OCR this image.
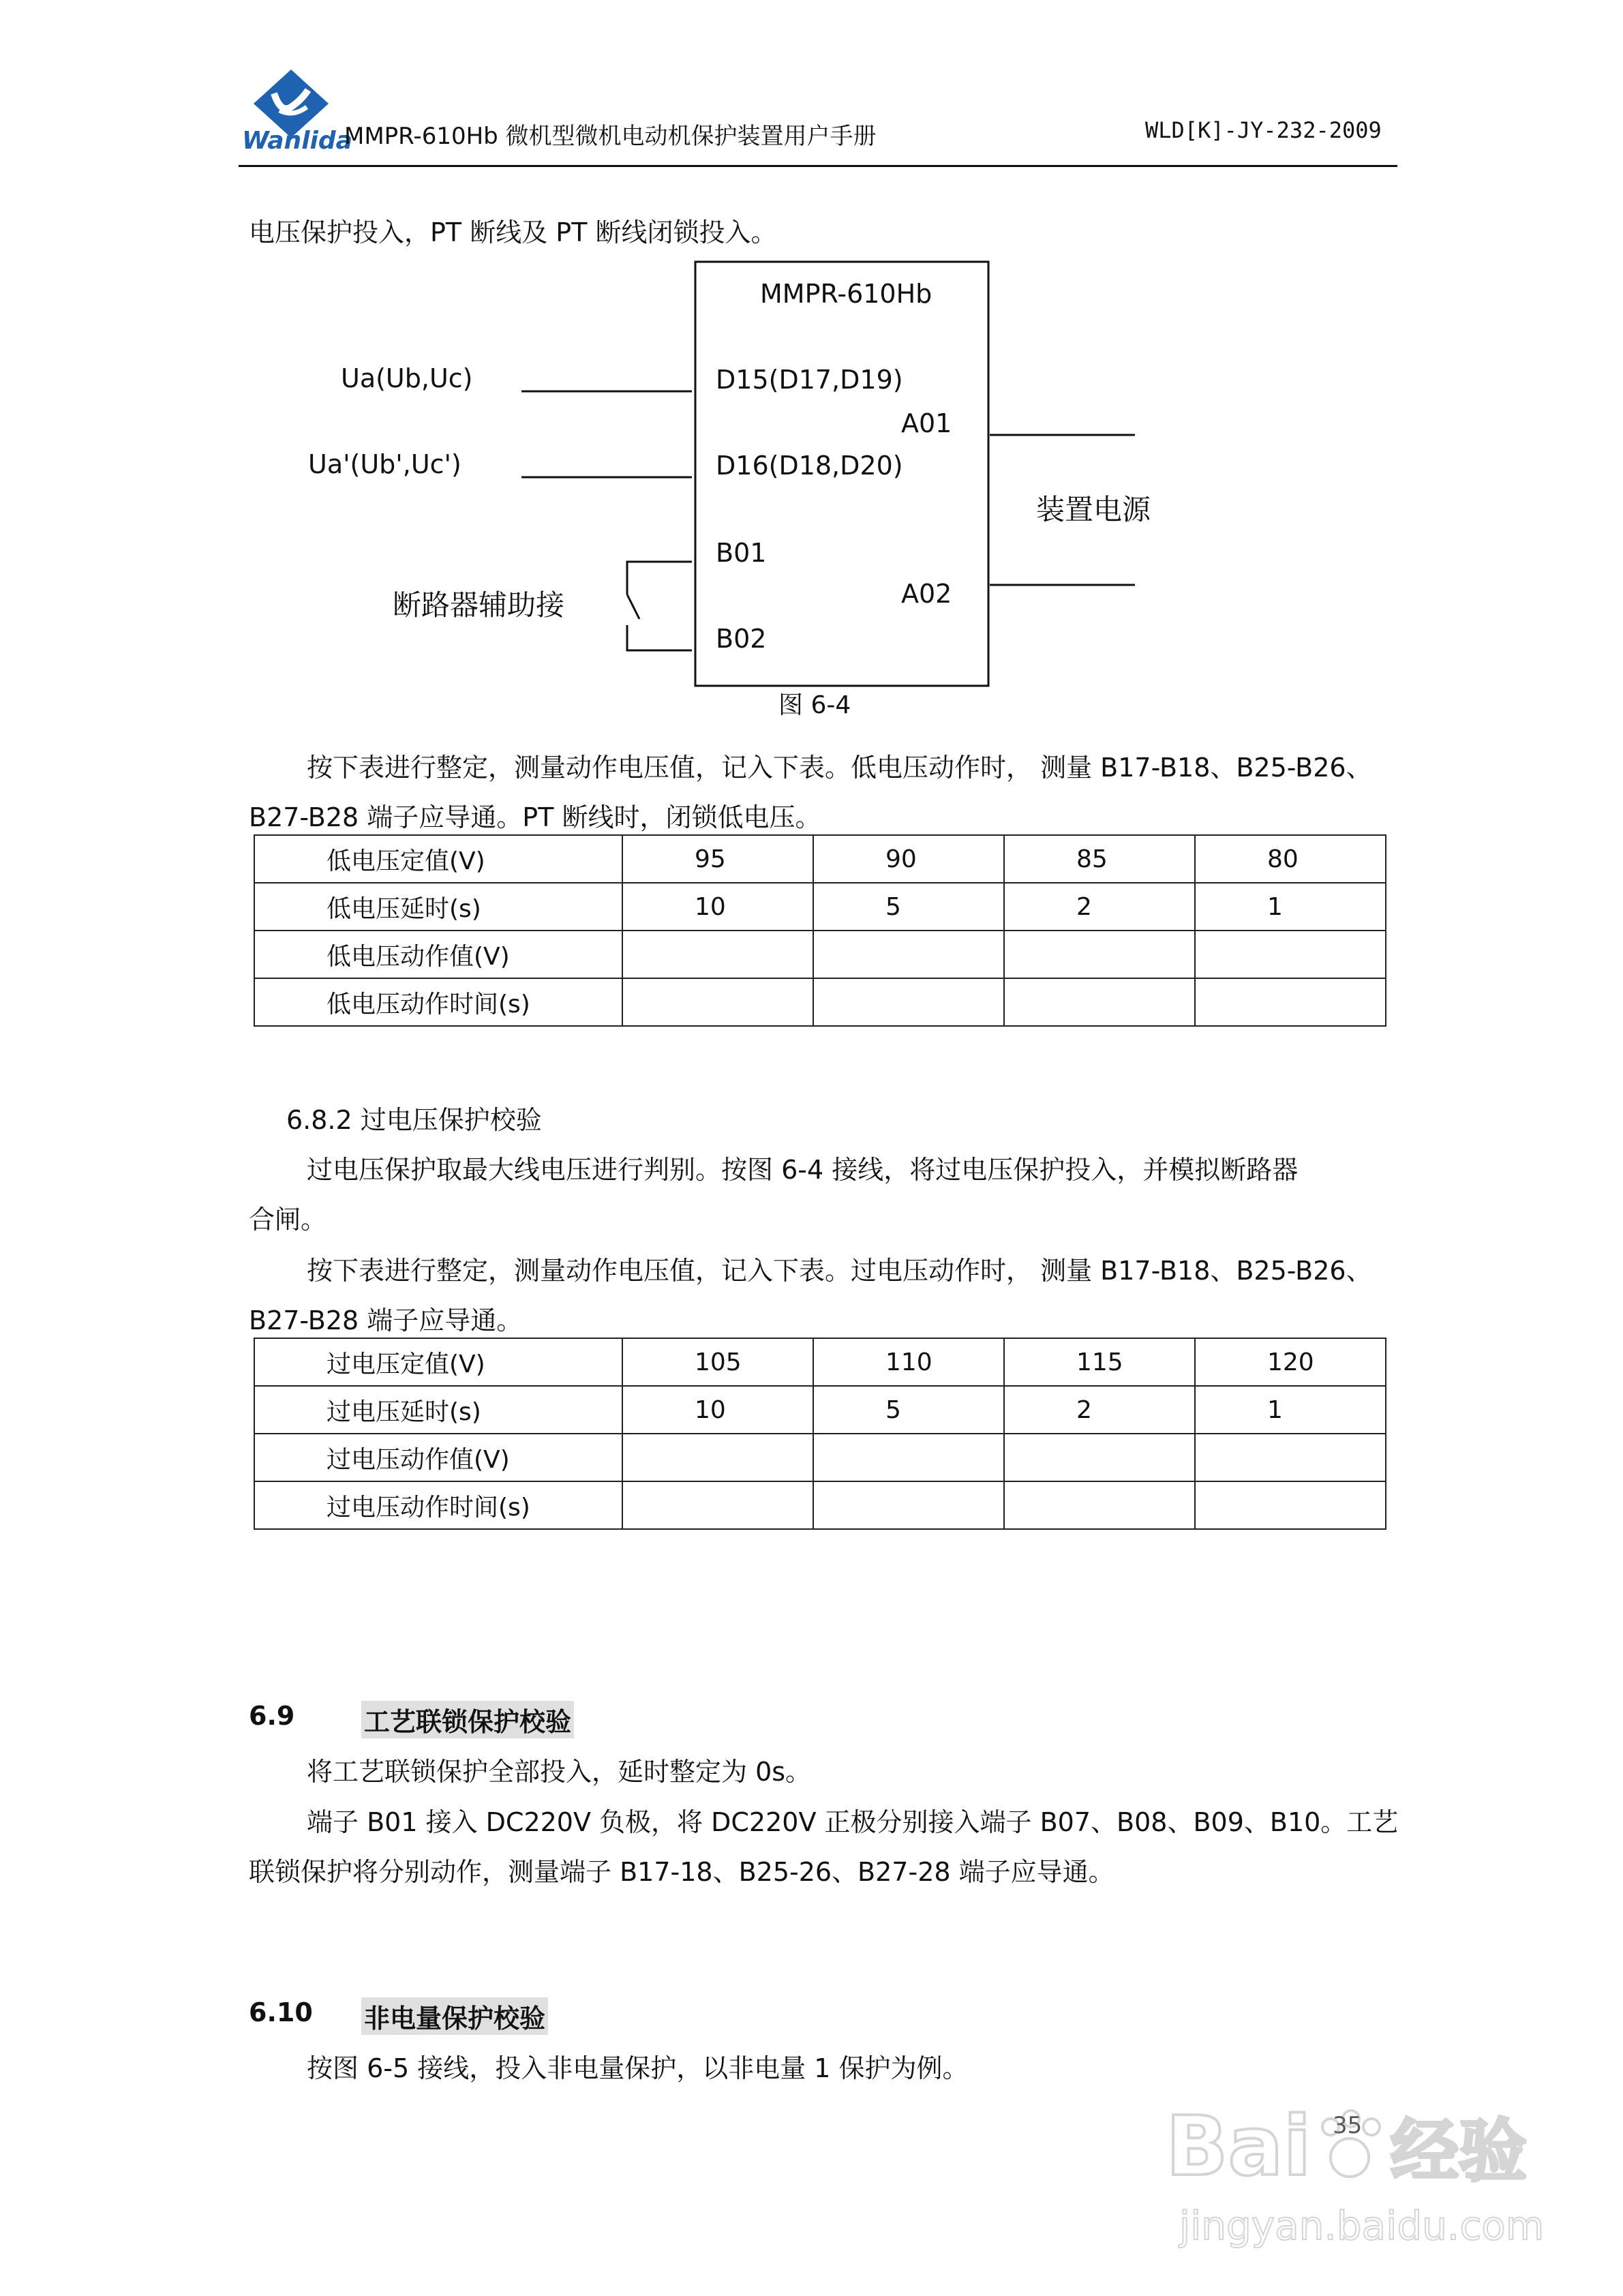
Wanlida
MMPR-610Hb 微机型微机电动机保护装置用户手册	WLD[K]-JY-232-2009
电压保护投入，PT 断线及 PT 断线闭锁投入。
MMPR-610Hb
Ua(Ub,Uc)	D15(D17,D19)
Ua'(Ub',Uc')	D16(D18,D20)
A01
装置电源
A02
B01
B02
断路器辅助接
图 6-4
按下表进行整定，测量动作电压值，记入下表。低电压动作时， 测量 B17-B18、B25-B26、
B27-B28 端子应导通。PT 断线时，闭锁低电压。
低电压定值(V)	95	90	85	80
低电压延时(s)	10	5	2	1
低电压动作值(V)				
低电压动作时间(s)				
6.8.2 过电压保护校验
过电压保护取最大线电压进行判别。按图 6-4 接线，将过电压保护投入，并模拟断路器
合闸。
按下表进行整定，测量动作电压值，记入下表。过电压动作时， 测量 B17-B18、B25-B26、
B27-B28 端子应导通。
过电压定值(V)	105	110	115	120
过电压延时(s)	10	5	2	1
过电压动作值(V)				
过电压动作时间(s)				
6.9	工艺联锁保护校验
将工艺联锁保护全部投入，延时整定为 0s。
端子 B01 接入 DC220V 负极，将 DC220V 正极分别接入端子 B07、B08、B09、B10。工艺
联锁保护将分别动作，测量端子 B17-18、B25-26、B27-28 端子应导通。
6.10 非电量保护校验
按图 6-5 接线，投入非电量保护，以非电量 1 保护为例。
35
Bai 经验
jingyan.baidu.com
